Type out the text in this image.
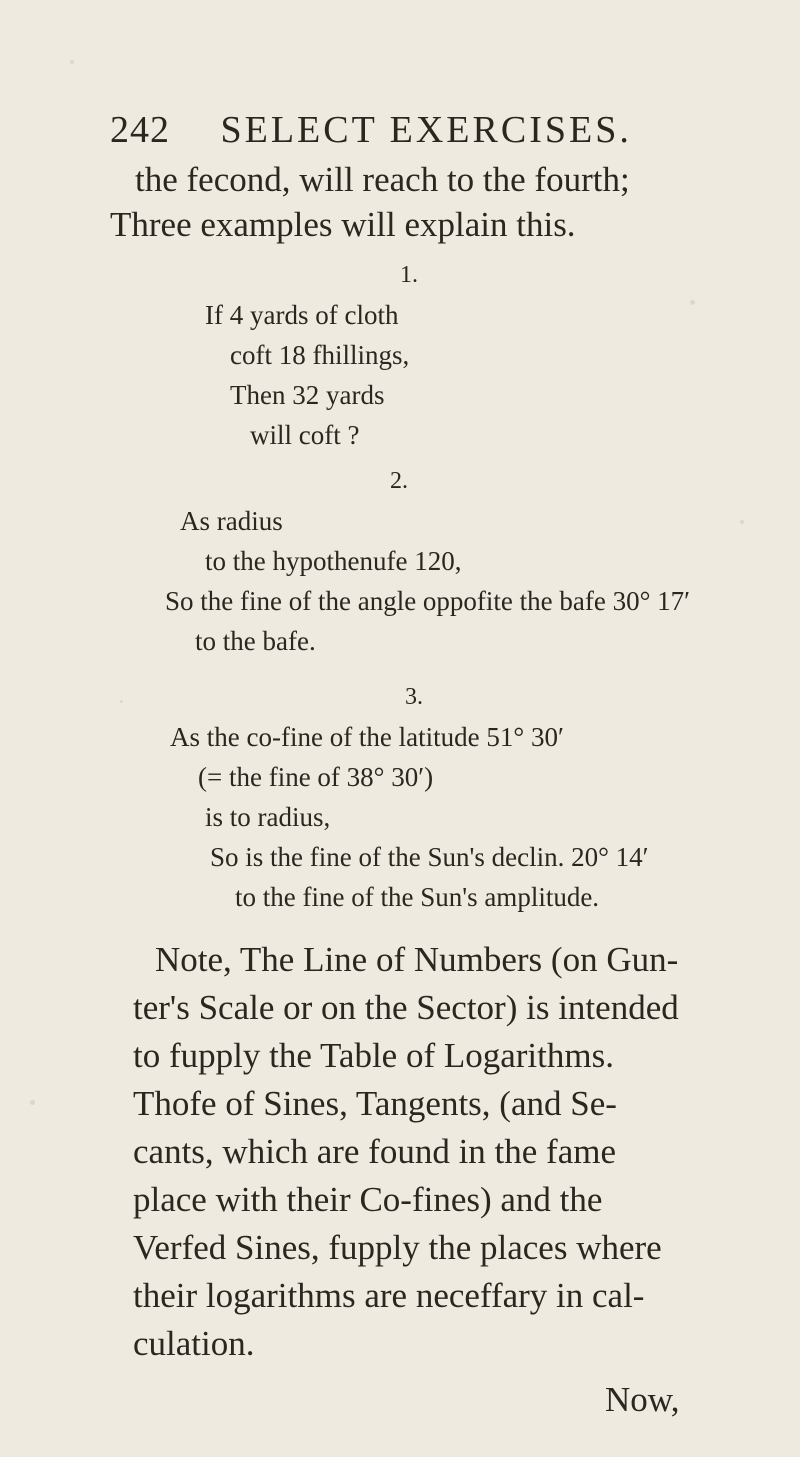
242 SELECT EXERCISES.
the fecond, will reach to the fourth;
Three examples will explain this.
1.
If 4 yards of cloth
coft 18 fhillings,
Then 32 yards
will coft ?
2.
As radius
to the hypothenufe 120,
So the fine of the angle oppofite the bafe 30° 17′
to the bafe.
3.
As the co-fine of the latitude 51° 30′
(= the fine of 38° 30′)
is to radius,
So is the fine of the Sun's declin. 20° 14′
to the fine of the Sun's amplitude.
Note, The Line of Numbers (on Gun-
ter's Scale or on the Sector) is intended
to fupply the Table of Logarithms.
Thofe of Sines, Tangents, (and Se-
cants, which are found in the fame
place with their Co-fines) and the
Verfed Sines, fupply the places where
their logarithms are neceffary in cal-
culation.
Now,
